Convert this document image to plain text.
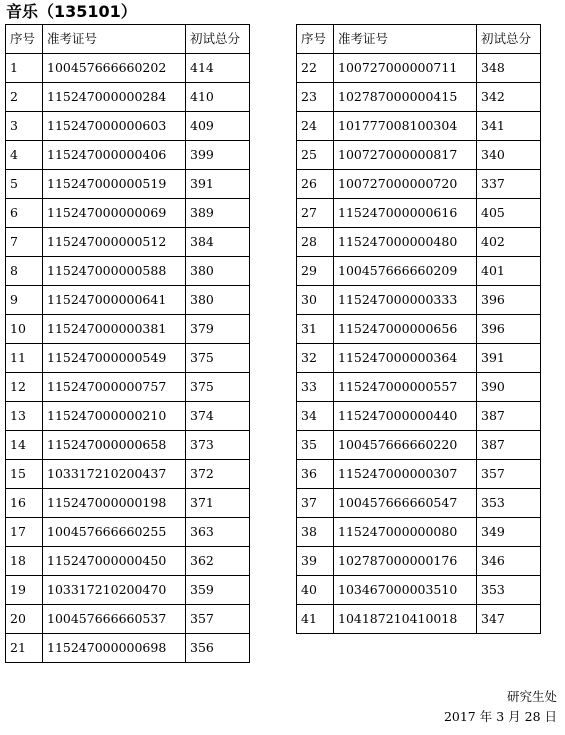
音乐（135101）
序号	准考证号	初试总分
1	100457666660202	414
2	115247000000284	410
3	115247000000603	409
4	115247000000406	399
5	115247000000519	391
6	115247000000069	389
7	115247000000512	384
8	115247000000588	380
9	115247000000641	380
10	115247000000381	379
11	115247000000549	375
12	115247000000757	375
13	115247000000210	374
14	115247000000658	373
15	103317210200437	372
16	115247000000198	371
17	100457666660255	363
18	115247000000450	362
19	103317210200470	359
20	100457666660537	357
21	115247000000698	356
序号	准考证号	初试总分
22	100727000000711	348
23	102787000000415	342
24	101777008100304	341
25	100727000000817	340
26	100727000000720	337
27	115247000000616	405
28	115247000000480	402
29	100457666660209	401
30	115247000000333	396
31	115247000000656	396
32	115247000000364	391
33	115247000000557	390
34	115247000000440	387
35	100457666660220	387
36	115247000000307	357
37	100457666660547	353
38	115247000000080	349
39	102787000000176	346
40	103467000003510	353
41	104187210410018	347
研究生处
2017 年 3 月 28 日
